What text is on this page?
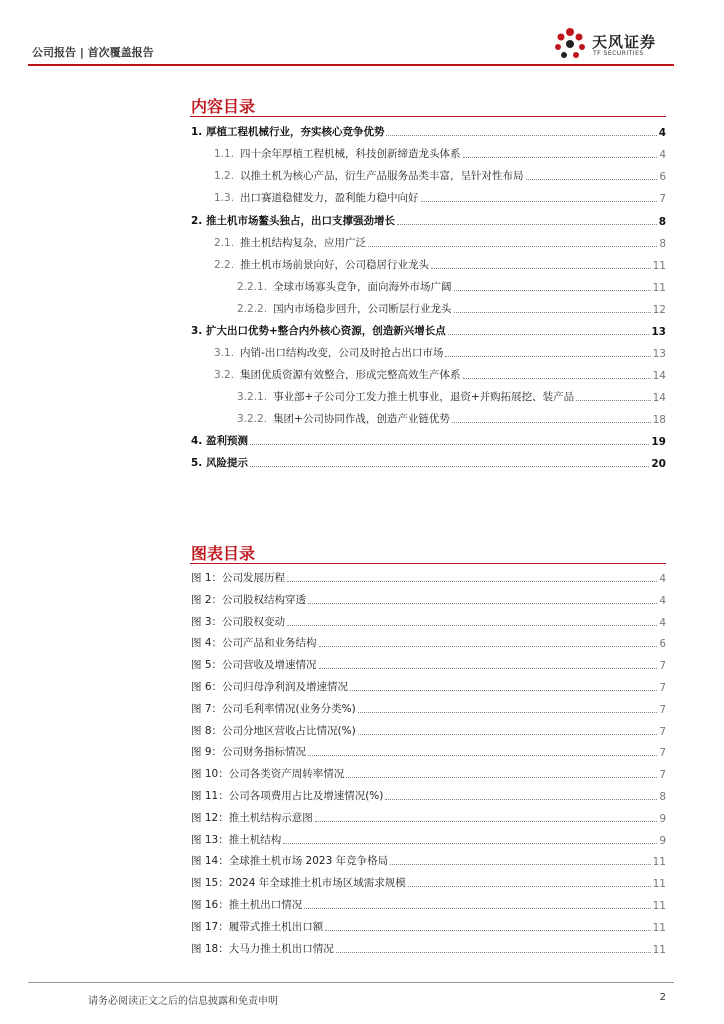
公司报告 | 首次覆盖报告
天风证券
TF SECURITIES
内容目录
图表目录
1. 厚植工程机械行业，夯实核心竞争优势	4
1.1. 四十余年厚植工程机械，科技创新缔造龙头体系	4
1.2. 以推土机为核心产品，衍生产品服务品类丰富，呈针对性布局	6
1.3. 出口赛道稳健发力，盈利能力稳中向好	7
2. 推土机市场鳌头独占，出口支撑强劲增长	8
2.1. 推土机结构复杂，应用广泛	8
2.2. 推土机市场前景向好，公司稳居行业龙头	11
2.2.1. 全球市场寡头竞争，面向海外市场广阔	11
2.2.2. 国内市场稳步回升，公司断层行业龙头	12
3. 扩大出口优势+整合内外核心资源，创造新兴增长点	13
3.1. 内销-出口结构改变，公司及时抢占出口市场	13
3.2. 集团优质资源有效整合，形成完整高效生产体系	14
3.2.1. 事业部+子公司分工发力推土机事业，退资+并购拓展挖、装产品	14
3.2.2. 集团+公司协同作战，创造产业链优势	18
4. 盈利预测	19
5. 风险提示	20
图 1：公司发展历程	4
图 2：公司股权结构穿透	4
图 3：公司股权变动	4
图 4：公司产品和业务结构	6
图 5：公司营收及增速情况	7
图 6：公司归母净利润及增速情况	7
图 7：公司毛利率情况(业务分类%)	7
图 8：公司分地区营收占比情况(%)	7
图 9：公司财务指标情况	7
图 10：公司各类资产周转率情况	7
图 11：公司各项费用占比及增速情况(%)	8
图 12：推土机结构示意图	9
图 13：推土机结构	9
图 14：全球推土机市场 2023 年竞争格局	11
图 15：2024 年全球推土机市场区域需求规模	11
图 16：推土机出口情况	11
图 17：履带式推土机出口额	11
图 18：大马力推土机出口情况	11
请务必阅读正文之后的信息披露和免责申明	2
